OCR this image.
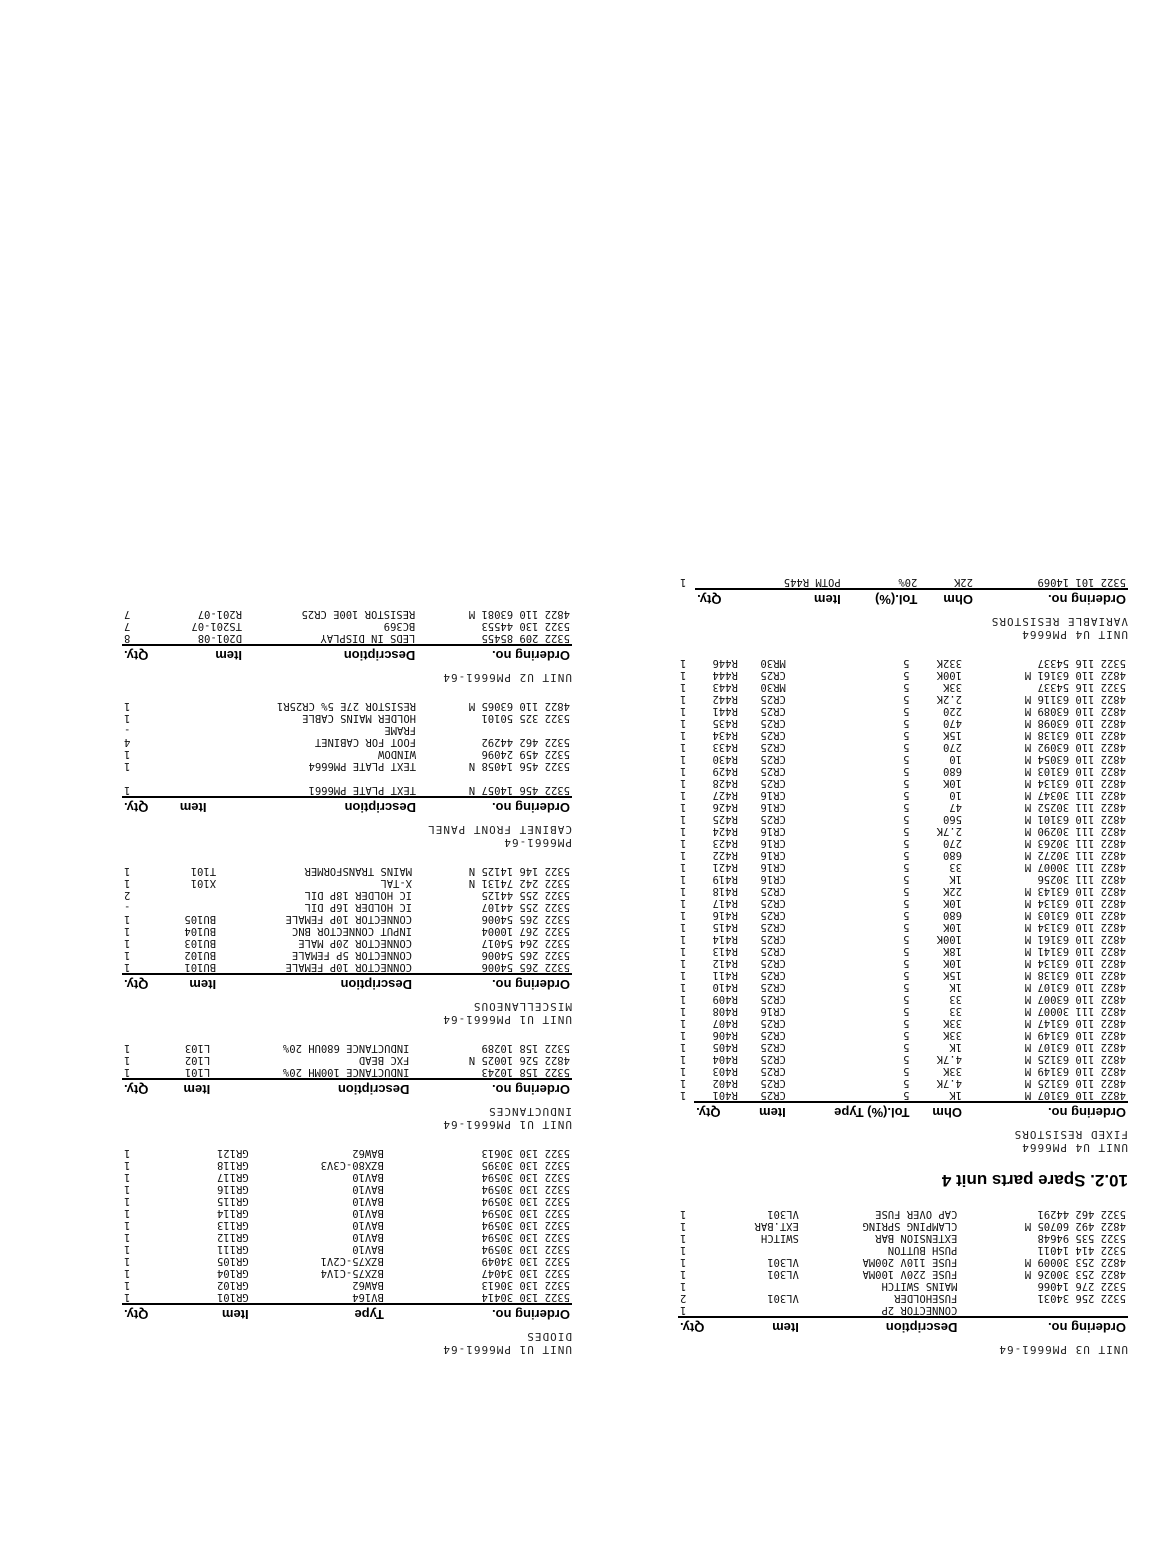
UNIT U1 PM6661-64
DIODES
Ordering no.	Type	Item	Qty.
5322 130 30414	BV164	GR101	1
5322 130 30613	BAW62	GR102	1
5322 130 34047	BZX75-C1V4	GR104	1
5322 130 34049	BZX75-C2V1	GR105	1
5322 130 30594	BAV10	GR111	1
5322 130 30594	BAV10	GR112	1
5322 130 30594	BAV10	GR113	1
5322 130 30594	BAV10	GR114	1
5322 130 30594	BAV10	GR115	1
5322 130 30594	BAV10	GR116	1
5322 130 30594	BAV10	GR117	1
5322 130 30395	BZX80-C3V3	GR118	1
5322 130 30613	BAW62	GR121	1
UNIT U1 PM6661-64
INDUCTANCES
Ordering no.	Description	Item	Qty.
5322 158 10243	INDUCTANCE 100MH 20%	L101	1
4822 526 10025 N	FXC BEAD	L102	1
5322 158 10289	INDUCTANCE 680UH 20%	L103	1
UNIT U1 PM6661-64
MISCELLANEOUS
Ordering no.	Description	Item	Qty.
5322 265 54006	CONNECTOR 10P FEMALE	BU101	1
5322 265 54006	CONNECTOR 5P FEMALE	BU102	1
5322 264 54017	CONNECTOR 20P MALE	BU103	1
5322 267 10004	INPUT CONNECTOR BNC	BU104	1
5322 265 54006	CONNECTOR 10P FEMALE	BU105	1
5322 255 44107	IC HOLDER 16P DIL		-
5322 255 44125	IC HOLDER 18P DIL		2
5322 242 74131 N	X-TAL	X101	1
5322 146 14125 N	MAINS TRANSFORMER	T101	1
PM6661-64
CABINET FRONT PANEL
Ordering no.	Description	Item	Qty.
5322 456 14057 N	TEXT PLATE PM6661		1

5322 456 14058 N	TEXT PLATE PM6664		1
5322 459 24096	WINDOW		1
5322 462 44292	FOOT FOR CABINET		4
	FRAME		-
5322 325 50101	HOLDER MAINS CABLE		1
4822 110 63065 M	RESISTOR 27E 5% CR25R1		1
UNIT U2 PM6661-64
Ordering no.	Description	Item	Qty.
5322 209 85455	LEDS IN DISPLAY	D201-08	8
5322 130 44553	BC369	TS201-07	7
4822 110 63081 M	RESISTOR 100E CR25	R201-07	7
UNIT U3 PM6661-64
Ordering no.	Description	Item	Qty.
	CONNECTOR 2P		1
5322 256 34031	FUSEHOLDER	VL301	2
5322 276 14066	MAINS SWITCH		1
4822 253 30026 M	FUSE 220V 100MA	VL301	1
4822 253 30009 M	FUSE 110V 200MA	VL301	1
5322 414 14011	PUSH BUTTON		1
5322 535 94648	EXTENSION BAR	SWITCH	1
4822 492 60705 M	CLAMPING SPRING	EXT.BAR	1
5322 462 44291	CAP OVER FUSE	VL301	1
10.2. Spare parts unit 4
UNIT U4 PM6664
FIXED RESISTORS
Ordering no.	Ohm	Tol.(%) Type	Item	Qty.	
4822 110 63107 M	1K	5	CR25	R401	1
4822 110 63125 M	4.7K	5	CR25	R402	1
4822 110 63149 M	33K	5	CR25	R403	1
4822 110 63125 M	4.7K	5	CR25	R404	1
4822 110 63107 M	1K	5	CR25	R405	1
4822 110 63149 M	33K	5	CR25	R406	1
4822 110 63147 M	33K	5	CR25	R407	1
4822 111 30007 M	33	5	CR16	R408	1
4822 110 63007 M	33	5	CR25	R409	1
4822 110 63107 M	1K	5	CR25	R410	1
4822 110 63138 M	15K	5	CR25	R411	1
4822 110 63134 M	10K	5	CR25	R412	1
4822 110 63141 M	18K	5	CR25	R413	1
4822 110 63161 M	100K	5	CR25	R414	1
4822 110 63134 M	10K	5	CR25	R415	1
4822 110 63103 M	680	5	CR25	R416	1
4822 110 63134 M	10K	5	CR25	R417	1
4822 110 63143 M	22K	5	CR25	R418	1
4822 111 30256	1K	5	CR16	R419	1
4822 111 30007 M	33	5	CR16	R421	1
4822 111 30272 M	680	5	CR16	R422	1
4822 111 30263 M	270	5	CR16	R423	1
4822 111 30290 M	2.7K	5	CR16	R424	1
4822 110 63101 M	560	5	CR25	R425	1
4822 111 30252 M	47	5	CR16	R426	1
4822 111 30347 M	10	5	CR16	R427	1
4822 110 63134 M	10K	5	CR25	R428	1
4822 110 63103 M	680	5	CR25	R429	1
4822 110 63054 M	10	5	CR25	R430	1
4822 110 63092 M	270	5	CR25	R433	1
4822 110 63138 M	15K	5	CR25	R434	1
4822 110 63098 M	470	5	CR25	R435	1
4822 110 63089 M	220	5	CR25	R441	1
4822 110 63116 M	2.2K	5	CR25	R442	1
5322 116 54337	33K	5	MR30	R443	1
4822 110 63161 M	100K	5	CR25	R444	1
5322 116 54337	332K	5	MR30	R446	1
UNIT U4 PM6664
VARIABLE RESISTORS
Ordering no.	Ohm	Tol.(%)	Item	Qty.	
5322 101 14069	22K	20%	POTM R445		1
